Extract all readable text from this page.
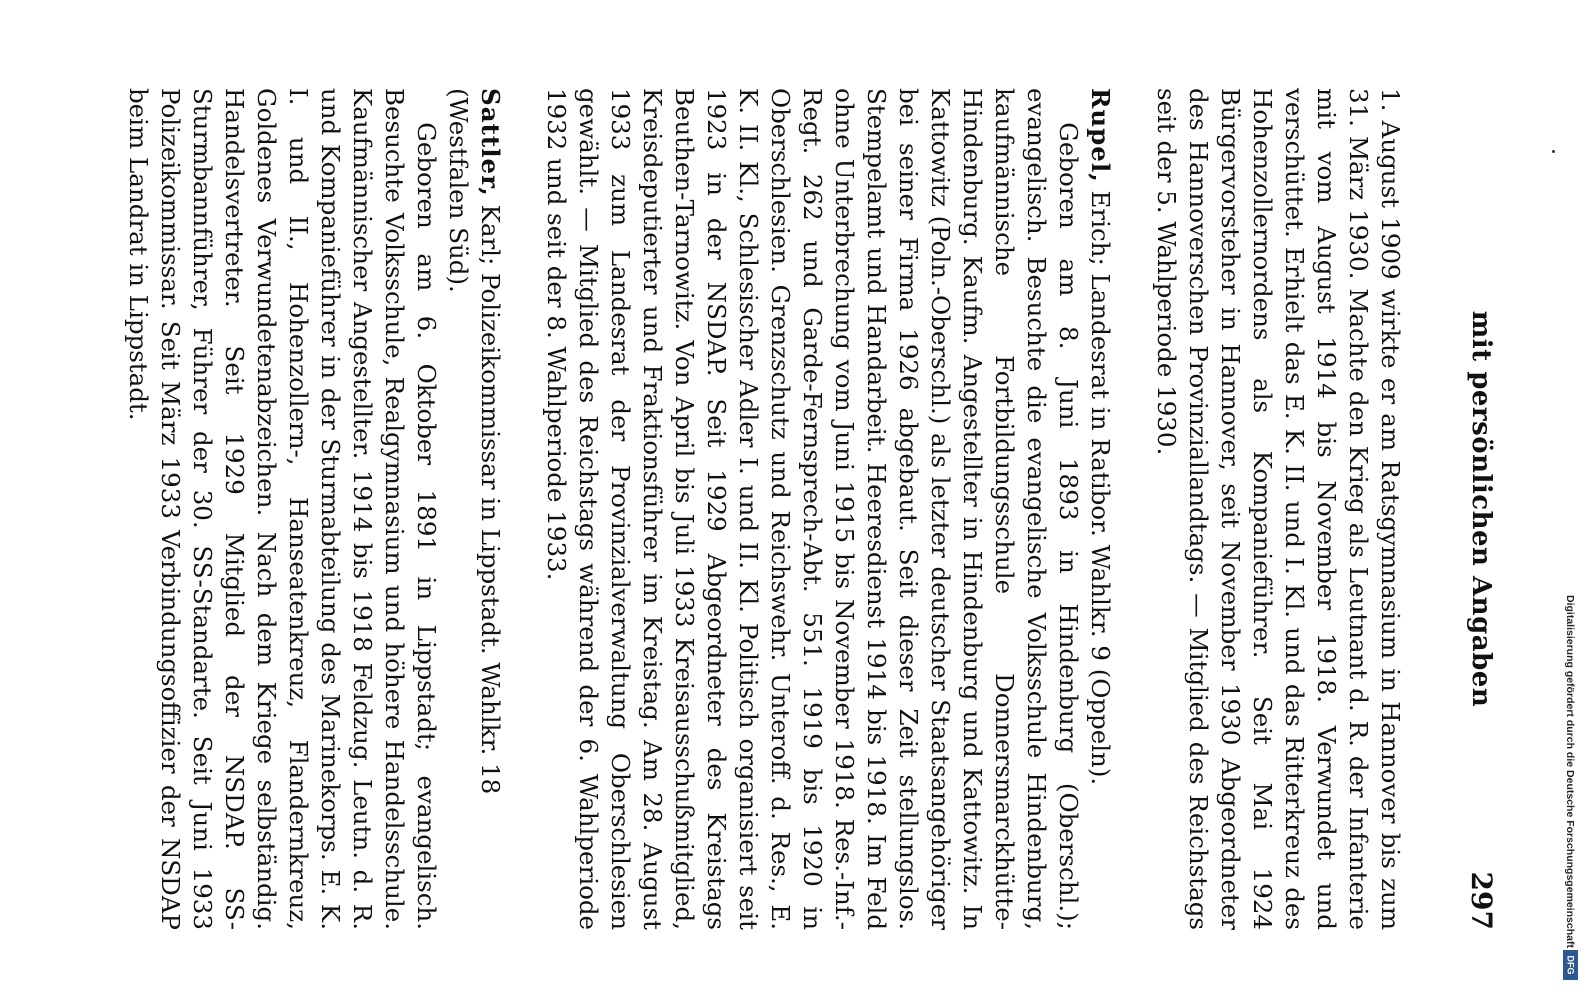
mit persönlichen Angaben
297

1. August 1909 wirkte er am Ratsgymnasium in Hannover bis zum 31. März 1930. Machte den Krieg als Leutnant d. R. der Infanterie mit vom August 1914 bis November 1918. Verwundet und verschüttet. Erhielt das E. K. II. und I. Kl. und das Ritterkreuz des Hohenzollernordens als Kompanieführer. Seit Mai 1924 Bürgervorsteher in Hannover, seit November 1930 Abgeordneter des Hannoverschen Provinziallandtags. — Mitglied des Reichstags seit der 5. Wahlperiode 1930.

Rupel, Erich; Landesrat in Ratibor. Wahlkr. 9 (Oppeln).

Geboren am 8. Juni 1893 in Hindenburg (Oberschl.); evangelisch. Besuchte die evangelische Volksschule Hindenburg, kaufmännische Fortbildungsschule Donnersmarckhütte-Hindenburg. Kaufm. Angestellter in Hindenburg und Kattowitz. In Kattowitz (Poln.-Oberschl.) als letzter deutscher Staatsangehöriger bei seiner Firma 1926 abgebaut. Seit dieser Zeit stellungslos. Stempelamt und Handarbeit. Heeresdienst 1914 bis 1918. Im Feld ohne Unterbrechung vom Juni 1915 bis November 1918. Res.-Inf.-Regt. 262 und Garde-Fernsprech-Abt. 551. 1919 bis 1920 in Oberschlesien. Grenzschutz und Reichswehr. Unteroff. d. Res., E. K. II. Kl., Schlesischer Adler I. und II. Kl. Politisch organisiert seit 1923 in der NSDAP. Seit 1929 Abgeordneter des Kreistags Beuthen-Tarnowitz. Von April bis Juli 1933 Kreisausschußmitglied, Kreisdeputierter und Fraktionsführer im Kreistag. Am 28. August 1933 zum Landesrat der Provinzialverwaltung Oberschlesien gewählt. — Mitglied des Reichstags während der 6. Wahlperiode 1932 und seit der 8. Wahlperiode 1933.

Sattler, Karl; Polizeikommissar in Lippstadt. Wahlkr. 18 (Westfalen Süd).

Geboren am 6. Oktober 1891 in Lippstadt; evangelisch. Besuchte Volksschule, Realgymnasium und höhere Handelsschule. Kaufmännischer Angestellter. 1914 bis 1918 Feldzug. Leutn. d. R. und Kompanieführer in der Sturmabteilung des Marinekorps. E. K. I. und II., Hohenzollern-, Hanseatenkreuz, Flandernkreuz, Goldenes Verwundetenabzeichen. Nach dem Kriege selbständig. Handelsvertreter. Seit 1929 Mitglied der NSDAP. SS-Sturmbannführer, Führer der 30. SS-Standarte. Seit Juni 1933 Polizeikommissar. Seit März 1933 Verbindungsoffizier der NSDAP beim Landrat in Lippstadt.

Digitalisierung gefördert durch die Deutsche Forschungsgemeinschaft
DFG
